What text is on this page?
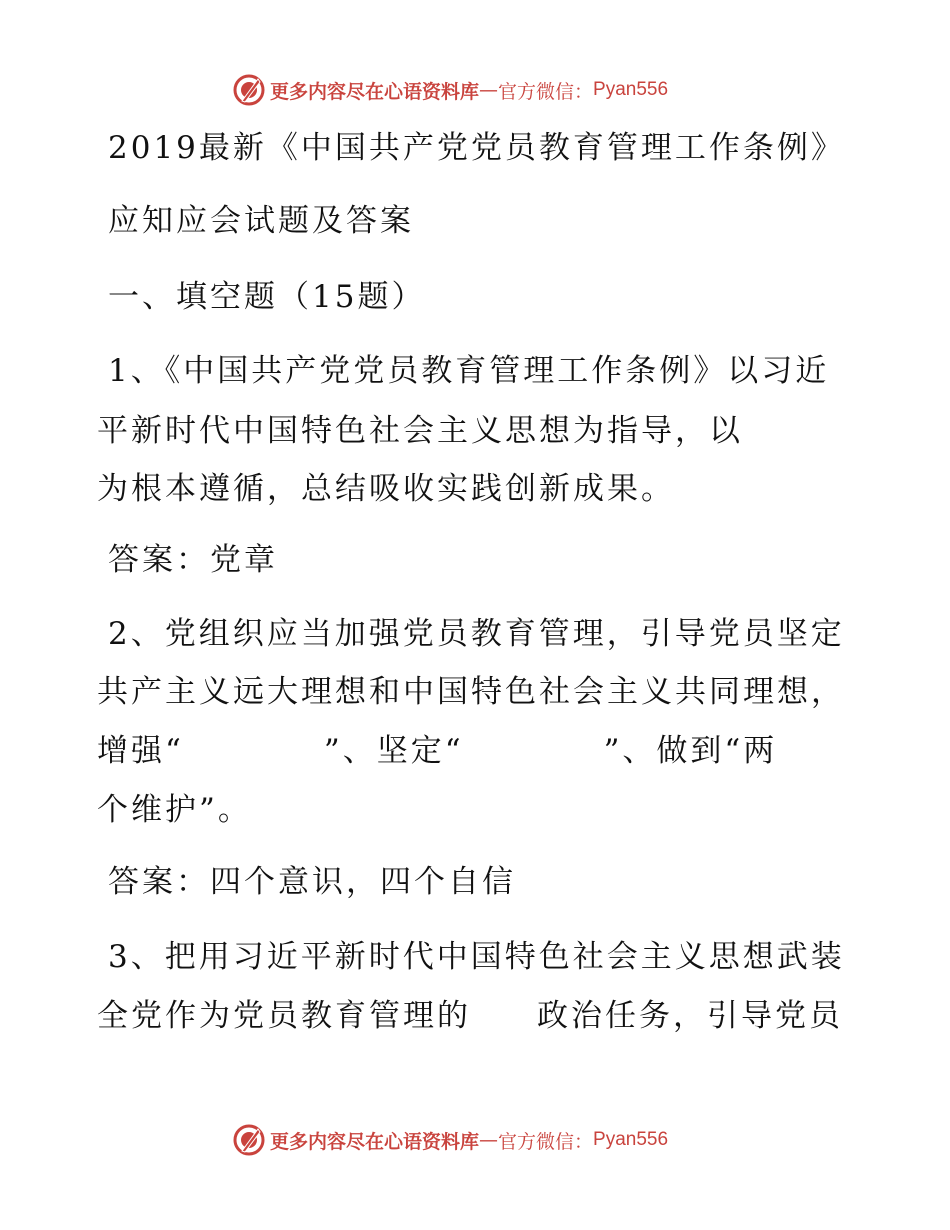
更多内容尽在心语资料库 — 官方微信： Pyan556
2019最新《中国共产党党员教育管理工作条例》
应知应会试题及答案
一、填空题（15题）
1、《中国共产党党员教育管理工作条例》以习近
平新时代中国特色社会主义思想为指导，以
为根本遵循，总结吸收实践创新成果。
答案：党章
2、党组织应当加强党员教育管理，引导党员坚定
共产主义远大理想和中国特色社会主义共同理想，
增强“	”、坚定“	”、做到“两
个维护”。
答案：四个意识，四个自信
3、把用习近平新时代中国特色社会主义思想武装
全党作为党员教育管理的 政治任务，引导党员
更多内容尽在心语资料库 — 官方微信： Pyan556
